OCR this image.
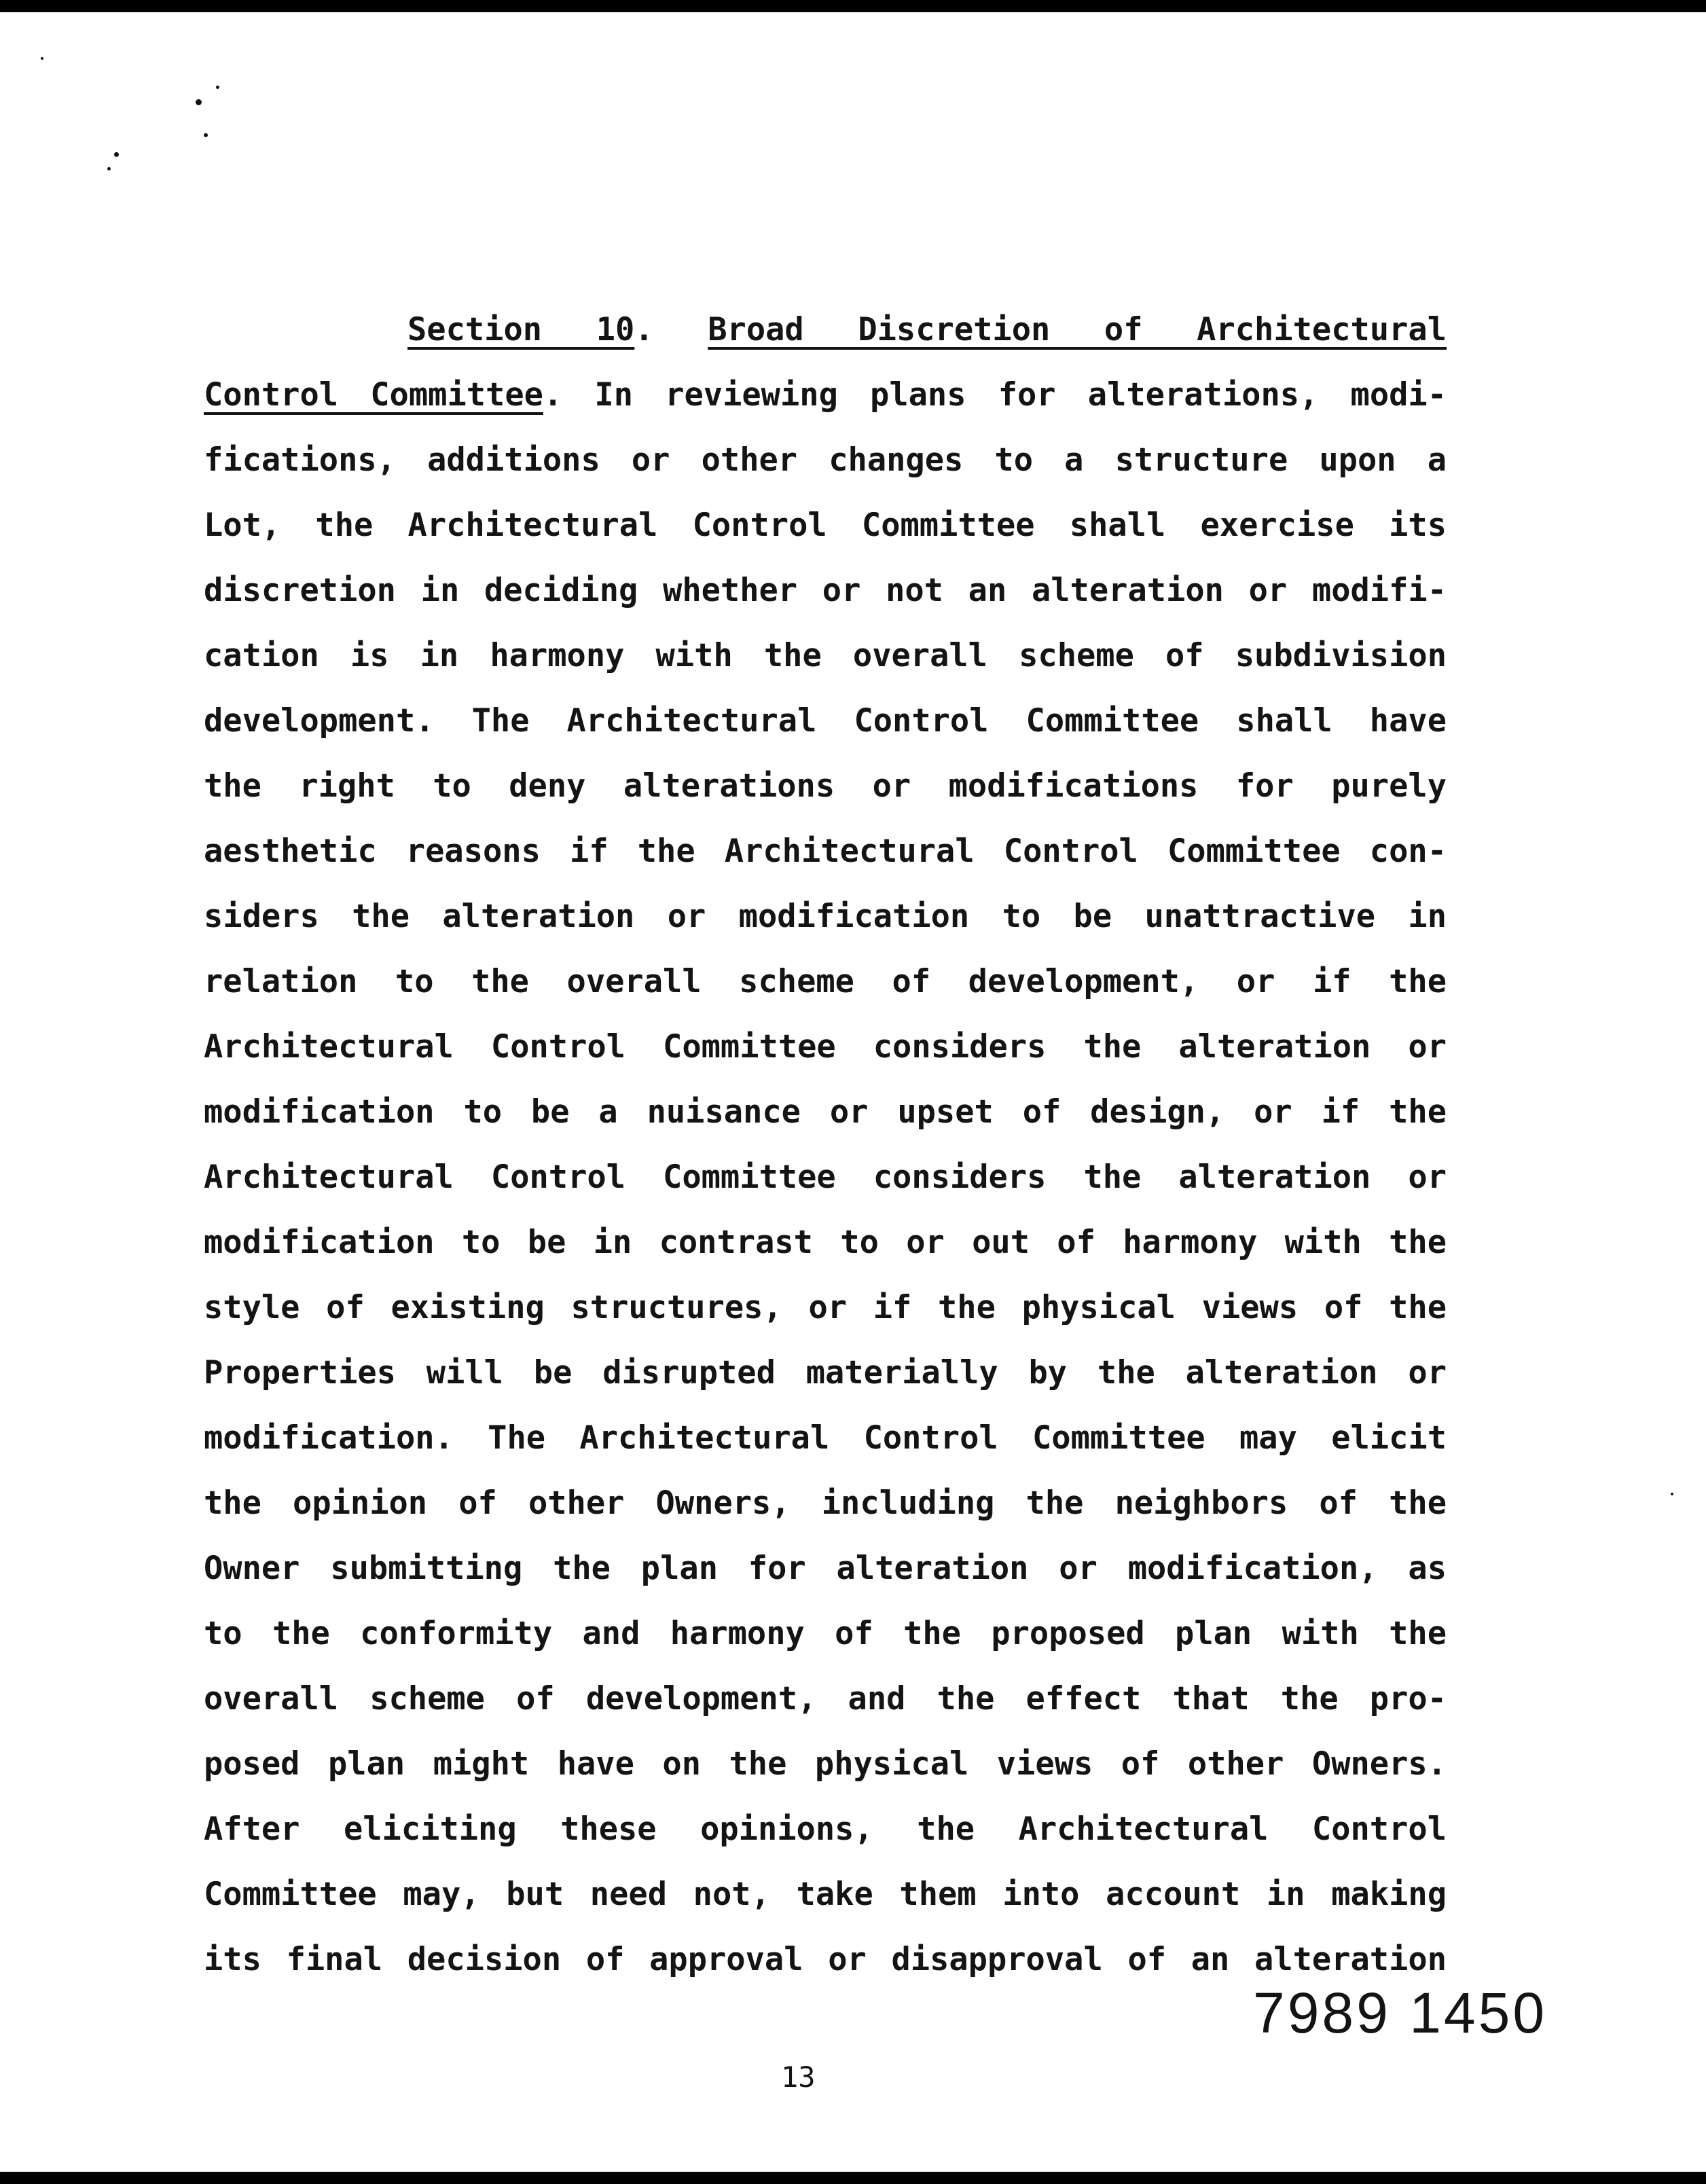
Section 10. Broad Discretion of Architectural
Control Committee. In reviewing plans for alterations, modi-
fications, additions or other changes to a structure upon a
Lot, the Architectural Control Committee shall exercise its
discretion in deciding whether or not an alteration or modifi-
cation is in harmony with the overall scheme of subdivision
development. The Architectural Control Committee shall have
the right to deny alterations or modifications for purely
aesthetic reasons if the Architectural Control Committee con-
siders the alteration or modification to be unattractive in
relation to the overall scheme of development, or if the
Architectural Control Committee considers the alteration or
modification to be a nuisance or upset of design, or if the
Architectural Control Committee considers the alteration or
modification to be in contrast to or out of harmony with the
style of existing structures, or if the physical views of the
Properties will be disrupted materially by the alteration or
modification. The Architectural Control Committee may elicit
the opinion of other Owners, including the neighbors of the
Owner submitting the plan for alteration or modification, as
to the conformity and harmony of the proposed plan with the
overall scheme of development, and the effect that the pro-
posed plan might have on the physical views of other Owners.
After eliciting these opinions, the Architectural Control
Committee may, but need not, take them into account in making
its final decision of approval or disapproval of an alteration
7989 1450
13
